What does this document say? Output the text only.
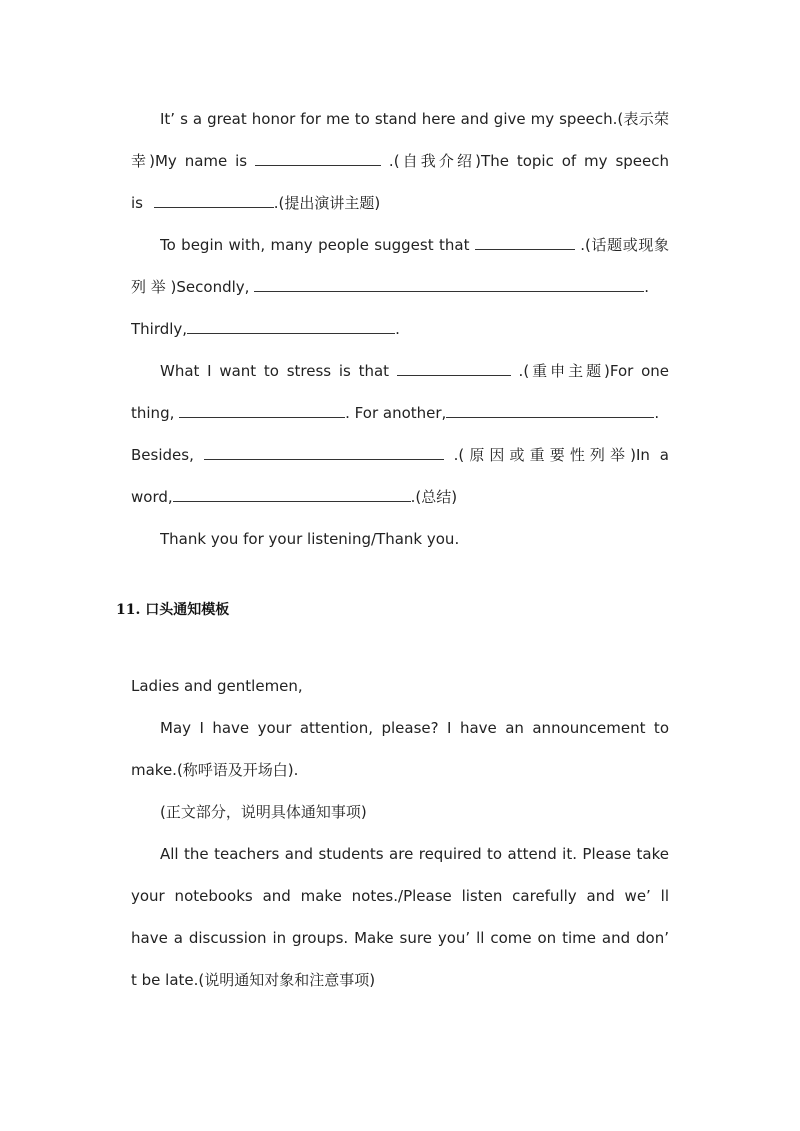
It’ s a great honor for me to stand here and give my speech.(表示荣
幸)My name is	.(自我介绍)The topic of my speech
is	.(提出演讲主题)
To begin with, many people suggest that	.(话题或现象
列 举 )Secondly,	.
Thirdly,	.
What I want to stress is that	.(重申主题)For one
thing,	. For another,	.
Besides,	.(原因或重要性列举)In a
word,	.(总结)
Thank you for your listening/Thank you.
11. 口头通知模板
Ladies and gentlemen,
May I have your attention, please? I have an announcement to
make.(称呼语及开场白).
(正文部分，说明具体通知事项)
All the teachers and students are required to attend it. Please take
your notebooks and make notes./Please listen carefully and we’ ll
have a discussion in groups. Make sure you’ ll come on time and don’
t be late.(说明通知对象和注意事项)
